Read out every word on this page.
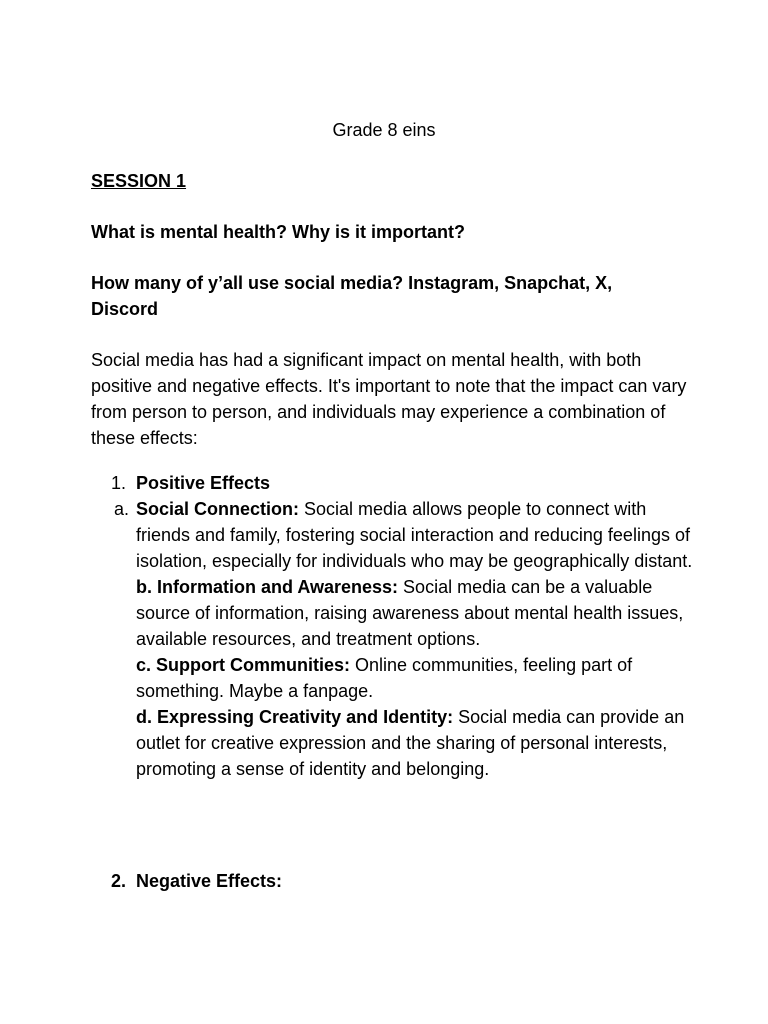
Grade 8 eins
SESSION 1
What is mental health? Why is it important?
How many of y’all use social media? Instagram, Snapchat, X, Discord
Social media has had a significant impact on mental health, with both positive and negative effects. It's important to note that the impact can vary from person to person, and individuals may experience a combination of these effects:
1. Positive Effects
a. Social Connection: Social media allows people to connect with friends and family, fostering social interaction and reducing feelings of isolation, especially for individuals who may be geographically distant.
b. Information and Awareness: Social media can be a valuable source of information, raising awareness about mental health issues, available resources, and treatment options.
c. Support Communities: Online communities, feeling part of something. Maybe a fanpage.
d. Expressing Creativity and Identity: Social media can provide an outlet for creative expression and the sharing of personal interests, promoting a sense of identity and belonging.
2. Negative Effects:
